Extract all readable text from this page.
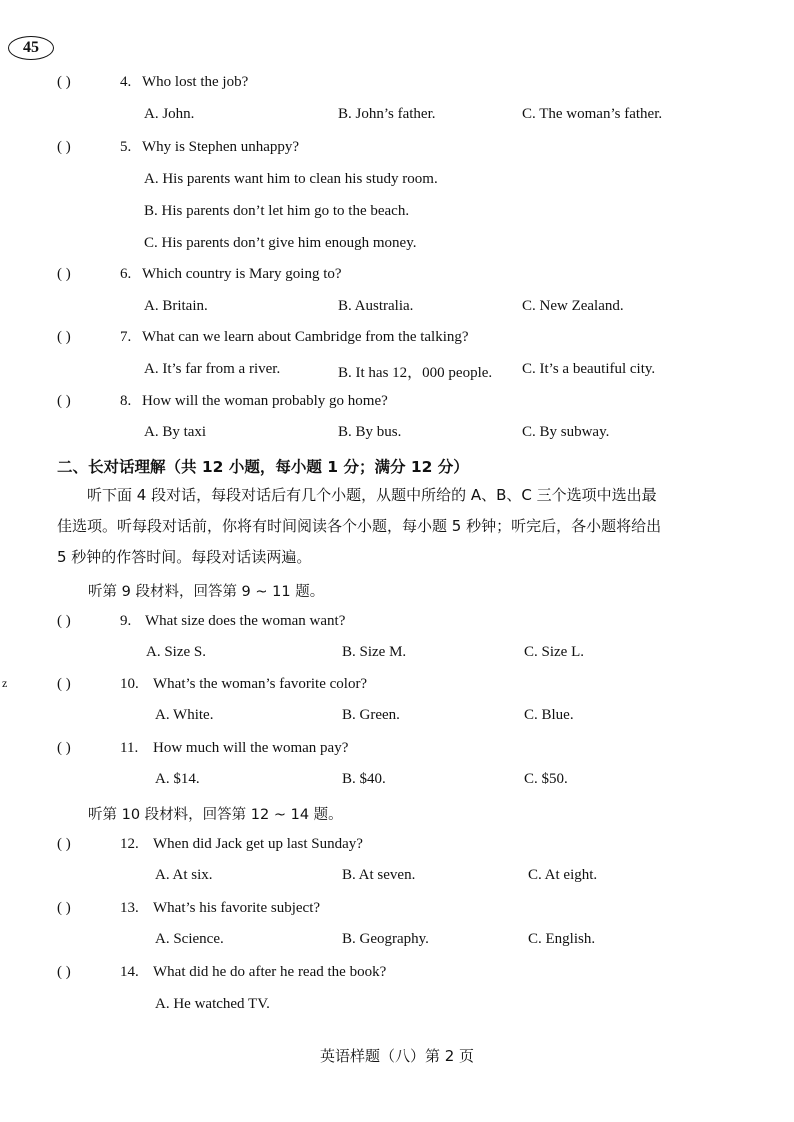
45
z
( )	4. Who lost the job?
A. John.	B. John’s father.	C. The woman’s father.
( )	5. Why is Stephen unhappy?
A. His parents want him to clean his study room.
B. His parents don’t let him go to the beach.
C. His parents don’t give him enough money.
( )	6. Which country is Mary going to?
A. Britain.	B. Australia.	C. New Zealand.
( )	7. What can we learn about Cambridge from the talking?
A. It’s far from a river.	B. It has 12，000 people. C. It’s a beautiful city.
( )	8. How will the woman probably go home?
A. By taxi	B. By bus.	C. By subway.
二、长对话理解（共 12 小题，每小题 1 分；满分 12 分）
听下面 4 段对话，每段对话后有几个小题，从题中所给的 A、B、C 三个选项中选出最
佳选项。听每段对话前，你将有时间阅读各个小题，每小题 5 秒钟；听完后，各小题将给出
5 秒钟的作答时间。每段对话读两遍。
听第 9 段材料，回答第 9 ~ 11 题。
( )	9. What size does the woman want?
A. Size S.	B. Size M.	C. Size L.
( )	10. What’s the woman’s favorite color?
A. White.	B. Green.	C. Blue.
( )	11. How much will the woman pay?
A. $14.	B. $40.	C. $50.
听第 10 段材料，回答第 12 ~ 14 题。
( )	12. When did Jack get up last Sunday?
A. At six.	B. At seven.	C. At eight.
( )	13. What’s his favorite subject?
A. Science.	B. Geography.	C. English.
( )	14. What did he do after he read the book?
A. He watched TV.
英语样题（八）第 2 页
